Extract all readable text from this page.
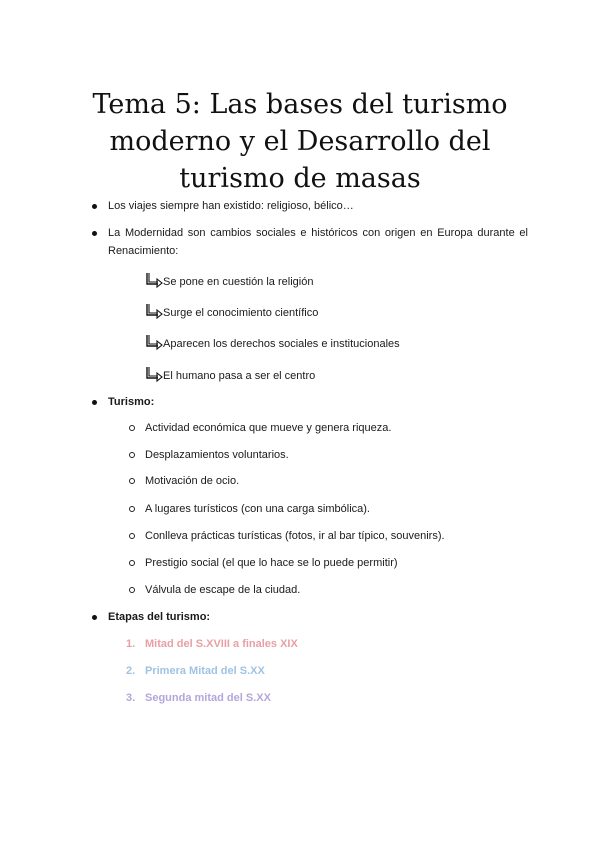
Tema 5: Las bases del turismo moderno y el Desarrollo del turismo de masas
Los viajes siempre han existido: religioso, bélico…
La Modernidad son cambios sociales e históricos con origen en Europa durante el Renacimiento:
Se pone en cuestión la religión
Surge el conocimiento científico
Aparecen los derechos sociales e institucionales
El humano pasa a ser el centro
Turismo:
Actividad económica que mueve y genera riqueza.
Desplazamientos voluntarios.
Motivación de ocio.
A lugares turísticos (con una carga simbólica).
Conlleva prácticas turísticas (fotos, ir al bar típico, souvenirs).
Prestigio social (el que lo hace se lo puede permitir)
Válvula de escape de la ciudad.
Etapas del turismo:
1. Mitad del S.XVIII a finales XIX
2. Primera Mitad del S.XX
3. Segunda mitad del S.XX
